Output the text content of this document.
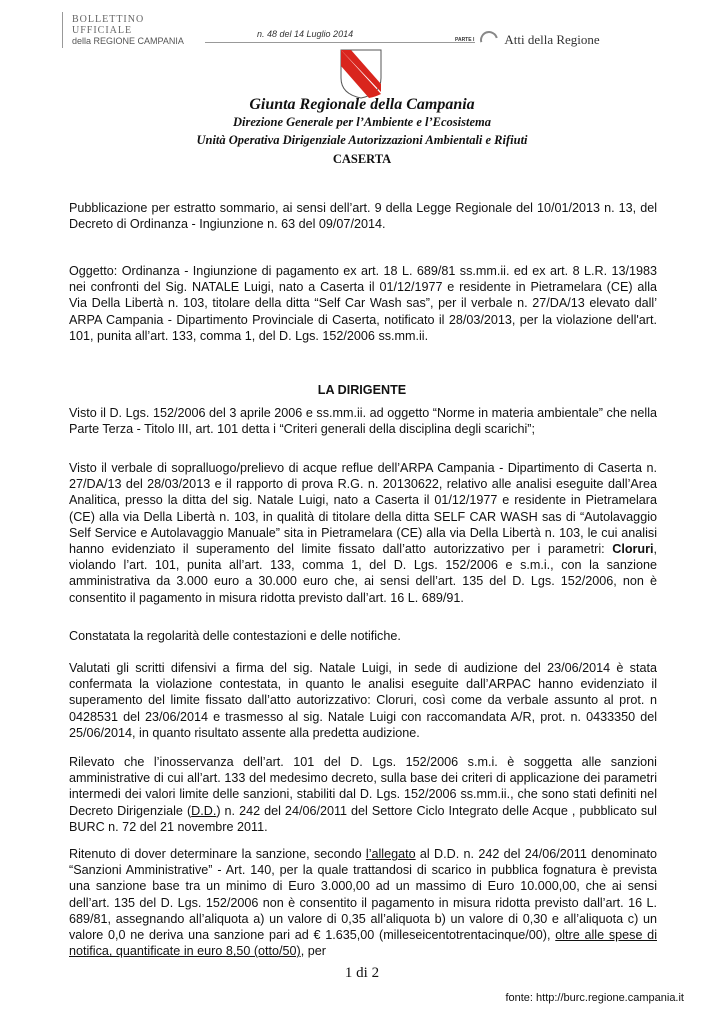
BOLLETTINO UFFICIALE
della REGIONE CAMPANIA
n. 48 del 14 Luglio 2014
PARTE I Atti della Regione
Giunta Regionale della Campania
Direzione Generale per l’Ambiente e l’Ecosistema
Unità Operativa Dirigenziale Autorizzazioni Ambientali e Rifiuti
CASERTA
Pubblicazione per estratto sommario, ai sensi dell’art. 9 della Legge Regionale del 10/01/2013 n. 13, del Decreto di Ordinanza - Ingiunzione n. 63 del 09/07/2014.
Oggetto: Ordinanza - Ingiunzione di pagamento ex art. 18 L. 689/81 ss.mm.ii. ed ex art. 8 L.R. 13/1983 nei confronti del Sig. NATALE Luigi, nato a Caserta il 01/12/1977 e residente in Pietramelara (CE) alla Via Della Libertà n. 103, titolare della ditta “Self Car Wash sas”, per il verbale n. 27/DA/13 elevato dall’ ARPA Campania - Dipartimento Provinciale di Caserta, notificato il 28/03/2013, per la violazione dell'art. 101, punita all’art. 133, comma 1, del D. Lgs. 152/2006 ss.mm.ii.
LA DIRIGENTE
Visto il D. Lgs. 152/2006 del 3 aprile 2006 e ss.mm.ii. ad oggetto “Norme in materia ambientale” che nella Parte Terza - Titolo III, art. 101 detta i “Criteri generali della disciplina degli scarichi”;
Visto il verbale di sopralluogo/prelievo di acque reflue dell’ARPA Campania - Dipartimento di Caserta n. 27/DA/13 del 28/03/2013 e il rapporto di prova R.G. n. 20130622, relativo alle analisi eseguite dall’Area Analitica, presso la ditta del sig. Natale Luigi, nato a Caserta il 01/12/1977 e residente in Pietramelara (CE) alla via Della Libertà n. 103, in qualità di titolare della ditta SELF CAR WASH sas di “Autolavaggio Self Service e Autolavaggio Manuale” sita in Pietramelara (CE) alla via Della Libertà n. 103, le cui analisi hanno evidenziato il superamento del limite fissato dall’atto autorizzativo per i parametri: Cloruri, violando l’art. 101, punita all’art. 133, comma 1, del D. Lgs. 152/2006 e s.m.i., con la sanzione amministrativa da 3.000 euro a 30.000 euro che, ai sensi dell’art. 135 del D. Lgs. 152/2006, non è consentito il pagamento in misura ridotta previsto dall’art. 16 L. 689/91.
Constatata la regolarità delle contestazioni e delle notifiche.
Valutati gli scritti difensivi a firma del sig. Natale Luigi, in sede di audizione del 23/06/2014 è stata confermata la violazione contestata, in quanto le analisi eseguite dall’ARPAC hanno evidenziato il superamento del limite fissato dall’atto autorizzativo: Cloruri, così come da verbale assunto al prot. n 0428531 del 23/06/2014 e trasmesso al sig. Natale Luigi con raccomandata A/R, prot. n. 0433350 del 25/06/2014, in quanto risultato assente alla predetta audizione.
Rilevato che l’inosservanza dell’art. 101 del D. Lgs. 152/2006 s.m.i. è soggetta alle sanzioni amministrative di cui all’art. 133 del medesimo decreto, sulla base dei criteri di applicazione dei parametri intermedi dei valori limite delle sanzioni, stabiliti dal D. Lgs. 152/2006 ss.mm.ii., che sono stati definiti nel Decreto Dirigenziale (D.D.) n. 242 del 24/06/2011 del Settore Ciclo Integrato delle Acque , pubblicato sul BURC n. 72 del 21 novembre 2011.
Ritenuto di dover determinare la sanzione, secondo l’allegato al D.D. n. 242 del 24/06/2011 denominato “Sanzioni Amministrative” - Art. 140, per la quale trattandosi di scarico in pubblica fognatura è prevista una sanzione base tra un minimo di Euro 3.000,00 ad un massimo di Euro 10.000,00, che ai sensi dell’art. 135 del D. Lgs. 152/2006 non è consentito il pagamento in misura ridotta previsto dall’art. 16 L. 689/81, assegnando all’aliquota a) un valore di 0,35 all’aliquota b) un valore di 0,30 e all’aliquota c) un valore 0,0 ne deriva una sanzione pari ad € 1.635,00 (milleseicentotrentacinque/00), oltre alle spese di notifica, quantificate in euro 8,50 (otto/50), per
1 di 2
fonte: http://burc.regione.campania.it
